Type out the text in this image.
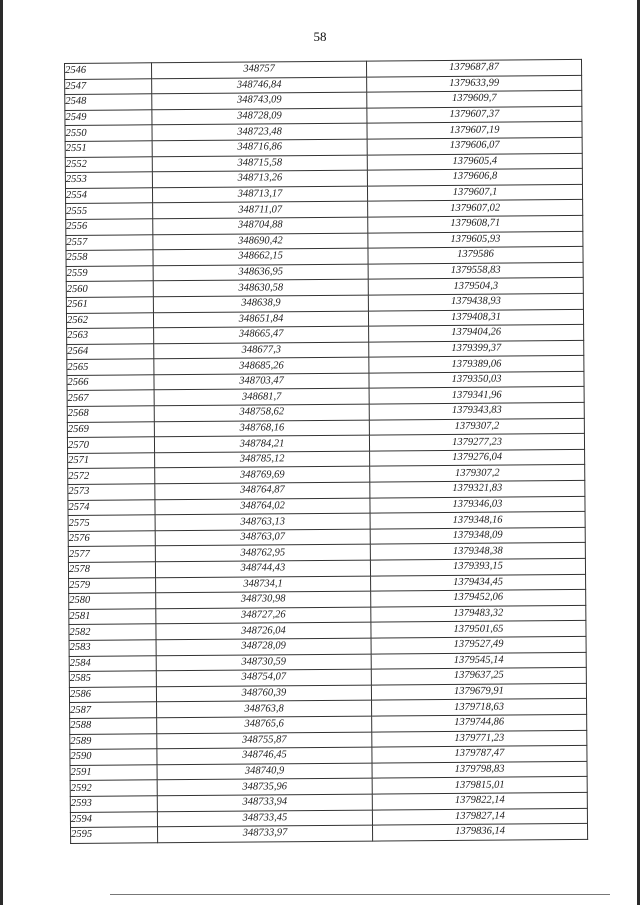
58
2546	348757	1379687,87
2547	348746,84	1379633,99
2548	348743,09	1379609,7
2549	348728,09	1379607,37
2550	348723,48	1379607,19
2551	348716,86	1379606,07
2552	348715,58	1379605,4
2553	348713,26	1379606,8
2554	348713,17	1379607,1
2555	348711,07	1379607,02
2556	348704,88	1379608,71
2557	348690,42	1379605,93
2558	348662,15	1379586
2559	348636,95	1379558,83
2560	348630,58	1379504,3
2561	348638,9	1379438,93
2562	348651,84	1379408,31
2563	348665,47	1379404,26
2564	348677,3	1379399,37
2565	348685,26	1379389,06
2566	348703,47	1379350,03
2567	348681,7	1379341,96
2568	348758,62	1379343,83
2569	348768,16	1379307,2
2570	348784,21	1379277,23
2571	348785,12	1379276,04
2572	348769,69	1379307,2
2573	348764,87	1379321,83
2574	348764,02	1379346,03
2575	348763,13	1379348,16
2576	348763,07	1379348,09
2577	348762,95	1379348,38
2578	348744,43	1379393,15
2579	348734,1	1379434,45
2580	348730,98	1379452,06
2581	348727,26	1379483,32
2582	348726,04	1379501,65
2583	348728,09	1379527,49
2584	348730,59	1379545,14
2585	348754,07	1379637,25
2586	348760,39	1379679,91
2587	348763,8	1379718,63
2588	348765,6	1379744,86
2589	348755,87	1379771,23
2590	348746,45	1379787,47
2591	348740,9	1379798,83
2592	348735,96	1379815,01
2593	348733,94	1379822,14
2594	348733,45	1379827,14
2595	348733,97	1379836,14
